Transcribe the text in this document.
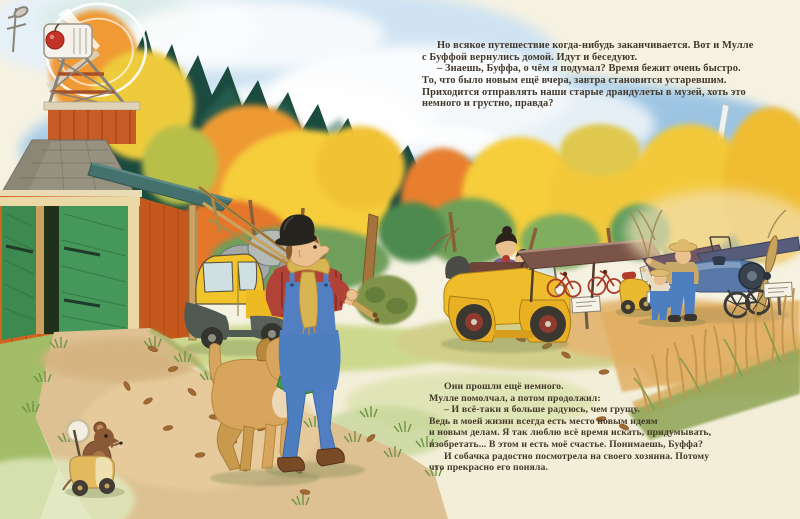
Но всякое путешествие когда-нибудь заканчивается. Вот и Мулле
с Буффой вернулись домой. Идут и беседуют.
– Знаешь, Буффа, о чём я подумал? Время бежит очень быстро.
То, что было новым ещё вчера, завтра становится устаревшим.
Приходится отправлять наши старые драндулеты в музей, хоть это
немного и грустно, правда?
Они прошли ещё немного.
Мулле помолчал, а потом продолжил:
– И всё-таки я больше радуюсь, чем грущу.
Ведь в моей жизни всегда есть место новым идеям
и новым делам. Я так люблю всё время искать, придумывать,
изобретать... В этом и есть моё счастье. Понимаешь, Буффа?
И собачка радостно посмотрела на своего хозяина. Потому
что прекрасно его поняла.
